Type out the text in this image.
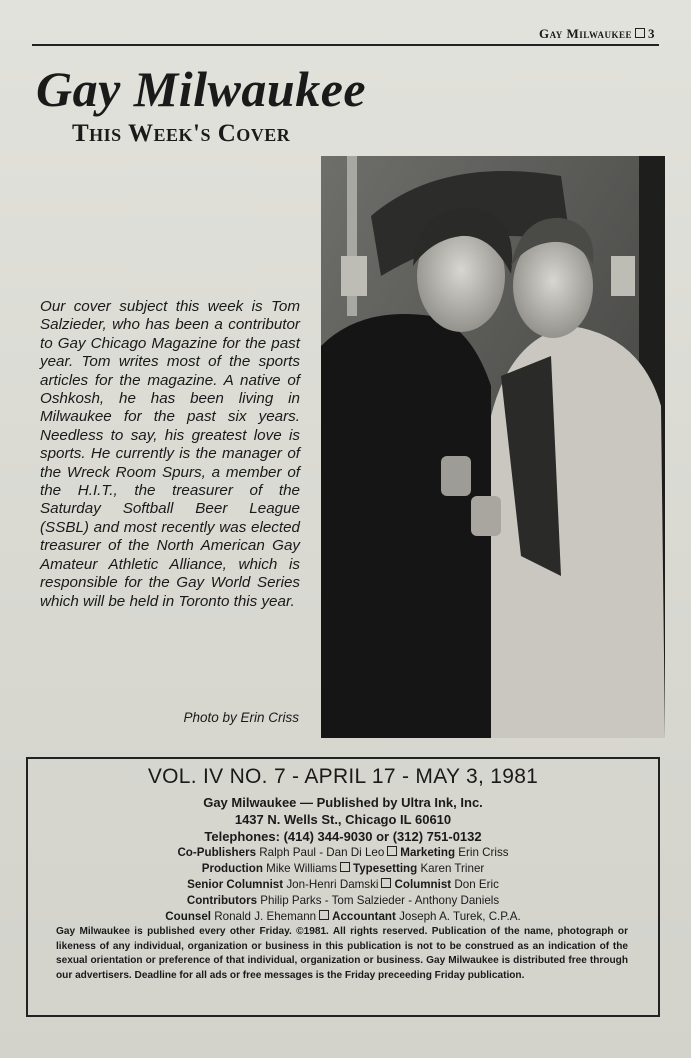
Gay Milwaukee 3
Gay Milwaukee
This Week's Cover
Our cover subject this week is Tom Salzieder, who has been a contributor to Gay Chicago Magazine for the past year. Tom writes most of the sports articles for the magazine. A native of Oshkosh, he has been living in Milwaukee for the past six years. Needless to say, his greatest love is sports. He currently is the manager of the Wreck Room Spurs, a member of the H.I.T., the treasurer of the Saturday Softball Beer League (SSBL) and most recently was elected treasurer of the North American Gay Amateur Athletic Alliance, which is responsible for the Gay World Series which will be held in Toronto this year.
Photo by Erin Criss
VOL. IV NO. 7 - APRIL 17 - MAY 3, 1981
Gay Milwaukee — Published by Ultra Ink, Inc.
1437 N. Wells St., Chicago IL 60610
Telephones: (414) 344-9030 or (312) 751-0132
Co-Publishers Ralph Paul - Dan Di Leo Marketing Erin Criss
Production Mike Williams Typesetting Karen Triner
Senior Columnist Jon-Henri Damski Columnist Don Eric
Contributors Philip Parks - Tom Salzieder - Anthony Daniels
Counsel Ronald J. Ehemann Accountant Joseph A. Turek, C.P.A.
Gay Milwaukee is published every other Friday. ©1981. All rights reserved. Publication of the name, photograph or likeness of any individual, organization or business in this publication is not to be construed as an indication of the sexual orientation or preference of that individual, organization or business. Gay Milwaukee is distributed free through our advertisers. Deadline for all ads or free messages is the Friday preceeding Friday publication.
